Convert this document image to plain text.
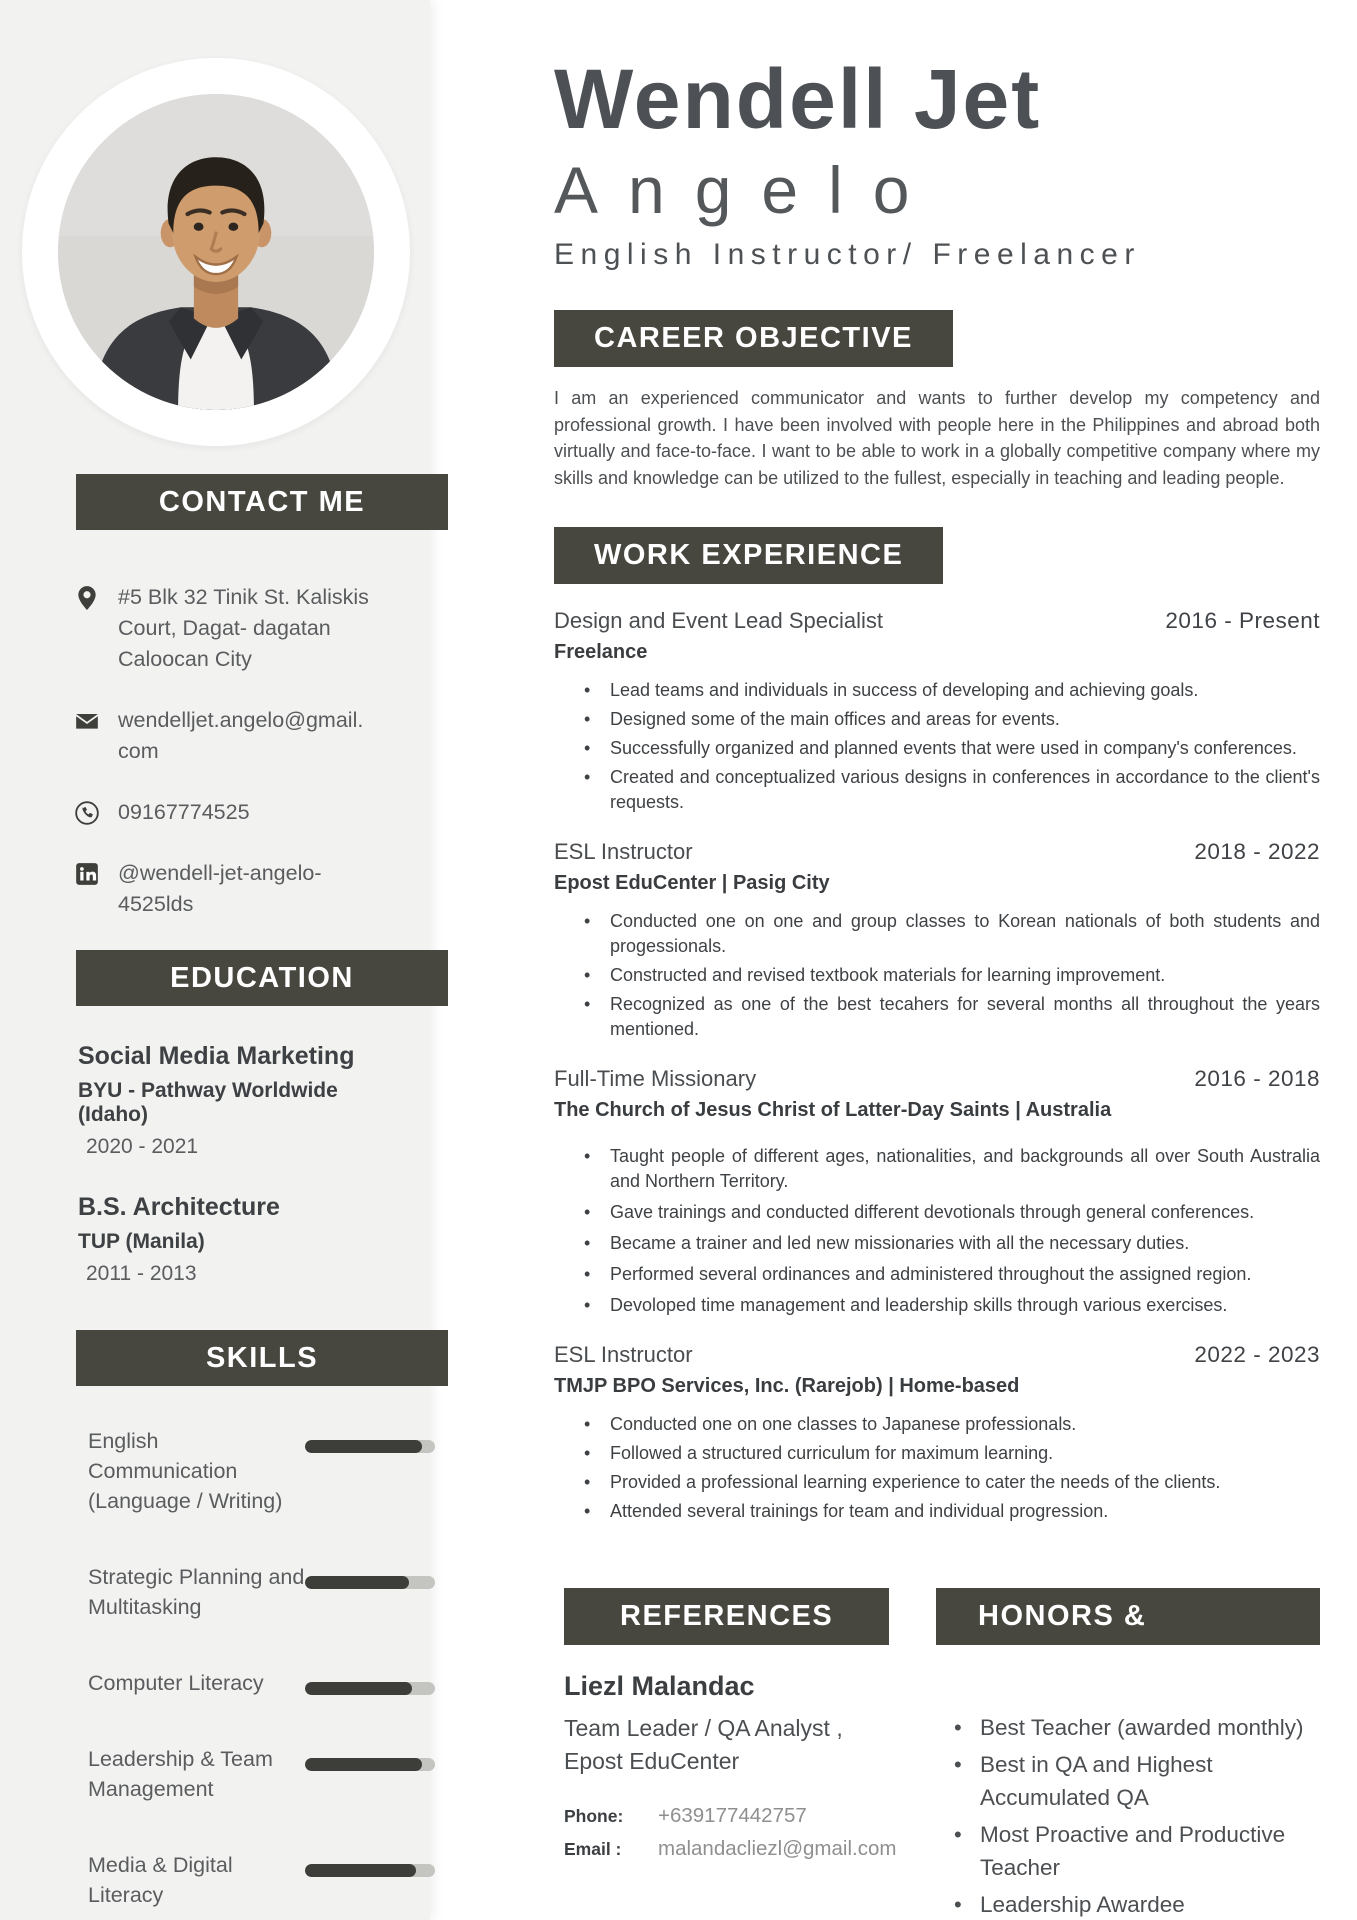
CONTACT ME
#5 Blk 32 Tinik St. Kaliskis Court, Dagat- dagatan Caloocan City
wendelljet.angelo@gmail.com
09167774525
@wendell-jet-angelo-4525lds
EDUCATION
Social Media Marketing
BYU - Pathway Worldwide (Idaho)
2020 - 2021
B.S. Architecture
TUP (Manila)
2011 - 2013
SKILLS
English Communication (Language / Writing)
Strategic Planning and Multitasking
Computer Literacy
Leadership & Team Management
Media & Digital Literacy
Wendell Jet
Angelo
English Instructor/ Freelancer
CAREER OBJECTIVE
I am an experienced communicator and wants to further develop my competency and professional growth. I have been involved with people here in the Philippines and abroad both virtually and face-to-face. I want to be able to work in a globally competitive company where my skills and knowledge can be utilized to the fullest, especially in teaching and leading people.
WORK EXPERIENCE
Design and Event Lead Specialist	2016 - Present
Freelance
• Lead teams and individuals in success of developing and achieving goals.
• Designed some of the main offices and areas for events.
• Successfully organized and planned events that were used in company's conferences.
• Created and conceptualized various designs in conferences in accordance to the client's requests.
ESL Instructor	2018 - 2022
Epost EduCenter | Pasig City
• Conducted one on one and group classes to Korean nationals of both students and progessionals.
• Constructed and revised textbook materials for learning improvement.
• Recognized as one of the best tecahers for several months all throughout the years mentioned.
Full-Time Missionary	2016 - 2018
The Church of Jesus Christ of Latter-Day Saints | Australia
• Taught people of different ages, nationalities, and backgrounds all over South Australia and Northern Territory.
• Gave trainings and conducted different devotionals through general conferences.
• Became a trainer and led new missionaries with all the necessary duties.
• Performed several ordinances and administered throughout the assigned region.
• Devoloped time management and leadership skills through various exercises.
ESL Instructor	2022 - 2023
TMJP BPO Services, Inc. (Rarejob) | Home-based
• Conducted one on one classes to Japanese professionals.
• Followed a structured curriculum for maximum learning.
• Provided a professional learning experience to cater the needs of the clients.
• Attended several trainings for team and individual progression.
REFERENCES
Liezl Malandac
Team Leader / QA Analyst , Epost EduCenter
Phone:	+639177442757
Email :	malandacliezl@gmail.com
HONORS & AWARDS
• Best Teacher (awarded monthly)
• Best in QA and Highest Accumulated QA
• Most Proactive and Productive Teacher
• Leadership Awardee
